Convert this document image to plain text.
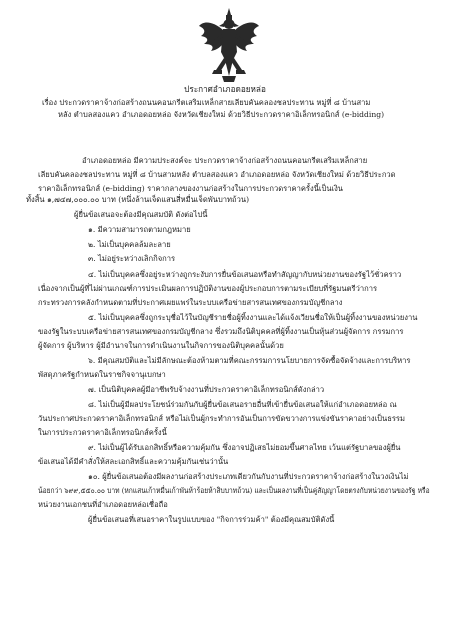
ประกาศอำเภอดอยหล่อ
เรื่อง ประกวดราคาจ้างก่อสร้างถนนคอนกรีตเสริมเหล็กสายเลียบคันคลองชลประทาน หมู่ที่ ๘ บ้านสาม
หลัง ตำบลสองแคว อำเภอดอยหล่อ จังหวัดเชียงใหม่ ด้วยวิธีประกวดราคาอิเล็กทรอนิกส์ (e-bidding)
อำเภอดอยหล่อ มีความประสงค์จะ ประกวดราคาจ้างก่อสร้างถนนคอนกรีตเสริมเหล็กสาย
เลียบคันคลองชลประทาน หมู่ที่ ๘ บ้านสามหลัง ตำบลสองแคว อำเภอดอยหล่อ จังหวัดเชียงใหม่ ด้วยวิธีประกวด
ราคาอิเล็กทรอนิกส์ (e-bidding) ราคากลางของงานก่อสร้างในการประกวดราคาครั้งนี้เป็นเงิน
ทั้งสิ้น ๑,๗๔๗,๐๐๐.๐๐ บาท (หนึ่งล้านเจ็ดแสนสี่หมื่นเจ็ดพันบาทถ้วน)
ผู้ยื่นข้อเสนอจะต้องมีคุณสมบัติ ดังต่อไปนี้
๑. มีความสามารถตามกฎหมาย
๒. ไม่เป็นบุคคลล้มละลาย
๓. ไม่อยู่ระหว่างเลิกกิจการ
๔. ไม่เป็นบุคคลซึ่งอยู่ระหว่างถูกระงับการยื่นข้อเสนอหรือทำสัญญากับหน่วยงานของรัฐไว้ชั่วคราว
เนื่องจากเป็นผู้ที่ไม่ผ่านเกณฑ์การประเมินผลการปฏิบัติงานของผู้ประกอบการตามระเบียบที่รัฐมนตรีว่าการ
กระทรวงการคลังกำหนดตามที่ประกาศเผยแพร่ในระบบเครือข่ายสารสนเทศของกรมบัญชีกลาง
๕. ไม่เป็นบุคคลซึ่งถูกระบุชื่อไว้ในบัญชีรายชื่อผู้ทิ้งงานและได้แจ้งเวียนชื่อให้เป็นผู้ทิ้งงานของหน่วยงาน
ของรัฐในระบบเครือข่ายสารสนเทศของกรมบัญชีกลาง ซึ่งรวมถึงนิติบุคคลที่ผู้ทิ้งงานเป็นหุ้นส่วนผู้จัดการ กรรมการ
ผู้จัดการ ผู้บริหาร ผู้มีอำนาจในการดำเนินงานในกิจการของนิติบุคคลนั้นด้วย
๖. มีคุณสมบัติและไม่มีลักษณะต้องห้ามตามที่คณะกรรมการนโยบายการจัดซื้อจัดจ้างและการบริหาร
พัสดุภาครัฐกำหนดในราชกิจจานุเบกษา
๗. เป็นนิติบุคคลผู้มีอาชีพรับจ้างงานที่ประกวดราคาอิเล็กทรอนิกส์ดังกล่าว
๘. ไม่เป็นผู้มีผลประโยชน์ร่วมกันกับผู้ยื่นข้อเสนอรายอื่นที่เข้ายื่นข้อเสนอให้แก่อำเภอดอยหล่อ ณ
วันประกาศประกวดราคาอิเล็กทรอนิกส์ หรือไม่เป็นผู้กระทำการอันเป็นการขัดขวางการแข่งขันราคาอย่างเป็นธรรม
ในการประกวดราคาอิเล็กทรอนิกส์ครั้งนี้
๙. ไม่เป็นผู้ได้รับเอกสิทธิ์หรือความคุ้มกัน ซึ่งอาจปฏิเสธไม่ยอมขึ้นศาลไทย เว้นแต่รัฐบาลของผู้ยื่น
ข้อเสนอได้มีคำสั่งให้สละเอกสิทธิ์และความคุ้มกันเช่นว่านั้น
๑๐. ผู้ยื่นข้อเสนอต้องมีผลงานก่อสร้างประเภทเดียวกันกับงานที่ประกวดราคาจ้างก่อสร้างในวงเงินไม่
น้อยกว่า ๖๙๙,๕๕๐.๐๐ บาท (หกแสนเก้าหมื่นเก้าพันห้าร้อยห้าสิบบาทถ้วน) และเป็นผลงานที่เป็นคู่สัญญาโดยตรงกับหน่วยงานของรัฐ หรือ
หน่วยงานเอกชนที่อำเภอดอยหล่อเชื่อถือ
ผู้ยื่นข้อเสนอที่เสนอราคาในรูปแบบของ "กิจการร่วมค้า" ต้องมีคุณสมบัติดังนี้
